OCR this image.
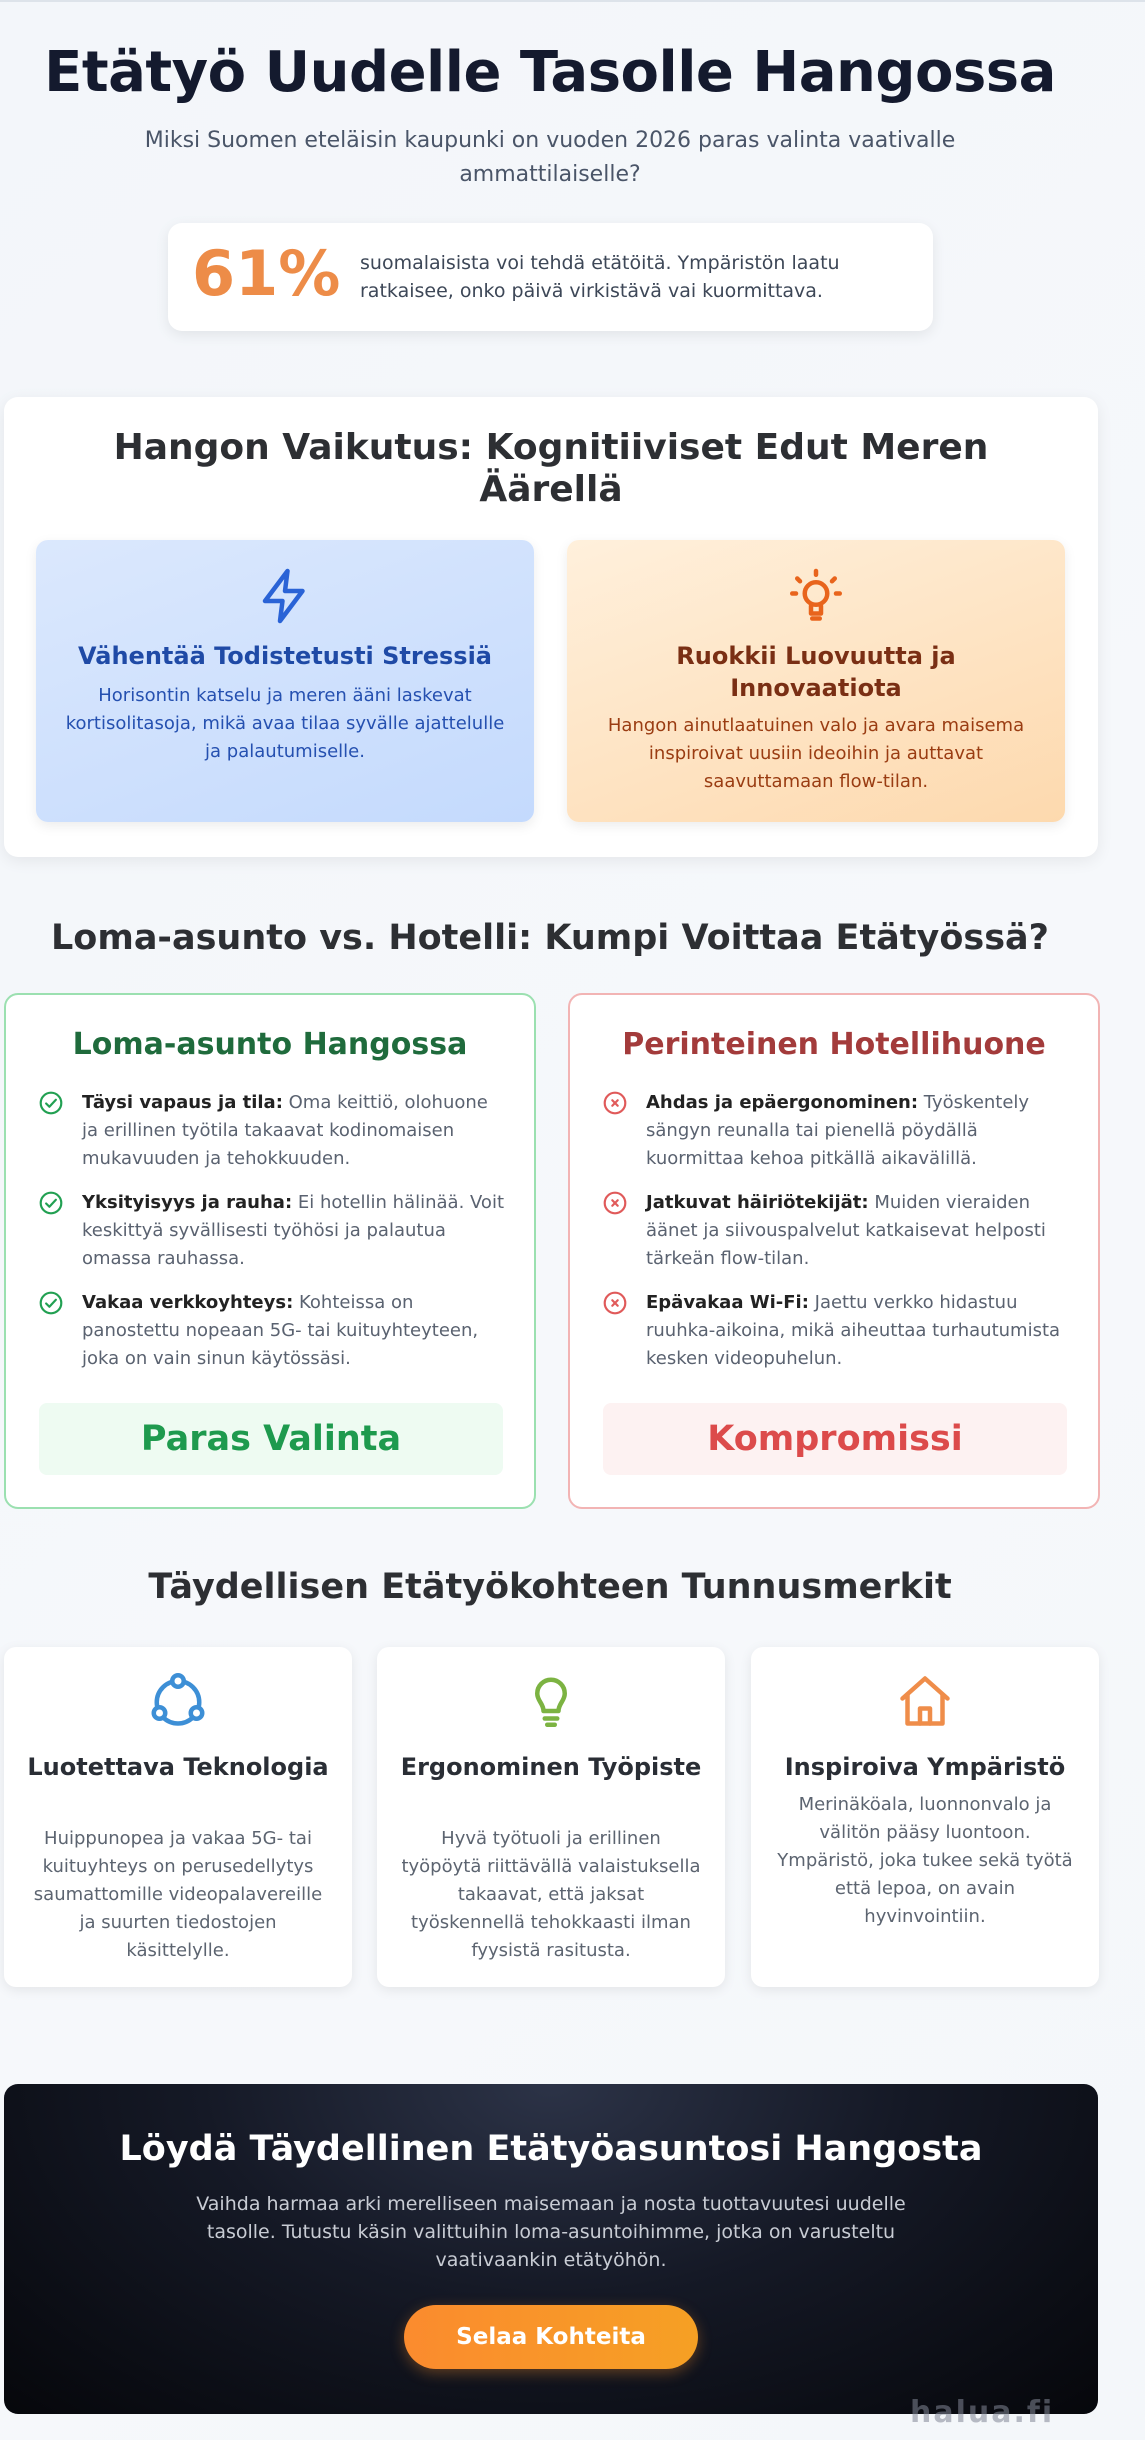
Etätyö Uudelle Tasolle Hangossa

Miksi Suomen eteläisin kaupunki on vuoden 2026 paras valinta vaativalle ammattilaiselle?

61% suomalaisista voi tehdä etätöitä. Ympäristön laatu ratkaisee, onko päivä virkistävä vai kuormittava.
Hangon Vaikutus: Kognitiiviset Edut Meren Äärellä
Vähentää Todistetusti Stressiä

Horisontin katselu ja meren ääni laskevat kortisolitasoja, mikä avaa tilaa syvälle ajattelulle ja palautumiselle.

Ruokkii Luovuutta ja Innovaatiota

Hangon ainutlaatuinen valo ja avara maisema inspiroivat uusiin ideoihin ja auttavat saavuttamaan flow-tilan.

Loma-asunto vs. Hotelli: Kumpi Voittaa Etätyössä?
Loma-asunto Hangossa
Täysi vapaus ja tila: Oma keittiö, olohuone ja erillinen työtila takaavat kodinomaisen mukavuuden ja tehokkuuden.
Yksityisyys ja rauha: Ei hotellin hälinää. Voit keskittyä syvällisesti työhösi ja palautua omassa rauhassa.
Vakaa verkkoyhteys: Kohteissa on panostettu nopeaan 5G- tai kuituyhteyteen, joka on vain sinun käytössäsi.
Paras Valinta
Perinteinen Hotellihuone
Ahdas ja epäergonominen: Työskentely sängyn reunalla tai pienellä pöydällä kuormittaa kehoa pitkällä aikavälillä.
Jatkuvat häiriötekijät: Muiden vieraiden äänet ja siivouspalvelut katkaisevat helposti tärkeän flow-tilan.
Epävakaa Wi-Fi: Jaettu verkko hidastuu ruuhka-aikoina, mikä aiheuttaa turhautumista kesken videopuhelun.
Kompromissi
Täydellisen Etätyökohteen Tunnusmerkit
Luotettava Teknologia

Huippunopea ja vakaa 5G- tai kuituyhteys on perusedellytys saumattomille videopalavereille ja suurten tiedostojen käsittelylle.

Ergonominen Työpiste

Hyvä työtuoli ja erillinen työpöytä riittävällä valaistuksella takaavat, että jaksat työskennellä tehokkaasti ilman fyysistä rasitusta.

Inspiroiva Ympäristö

Merinäköala, luonnonvalo ja välitön pääsy luontoon. Ympäristö, joka tukee sekä työtä että lepoa, on avain hyvinvointiin.

Löydä Täydellinen Etätyöasuntosi Hangosta

Vaihda harmaa arki merelliseen maisemaan ja nosta tuottavuutesi uudelle tasolle. Tutustu käsin valittuihin loma-asuntoihimme, jotka on varusteltu vaativaankin etätyöhön.

Selaa Kohteita
halua.fi
